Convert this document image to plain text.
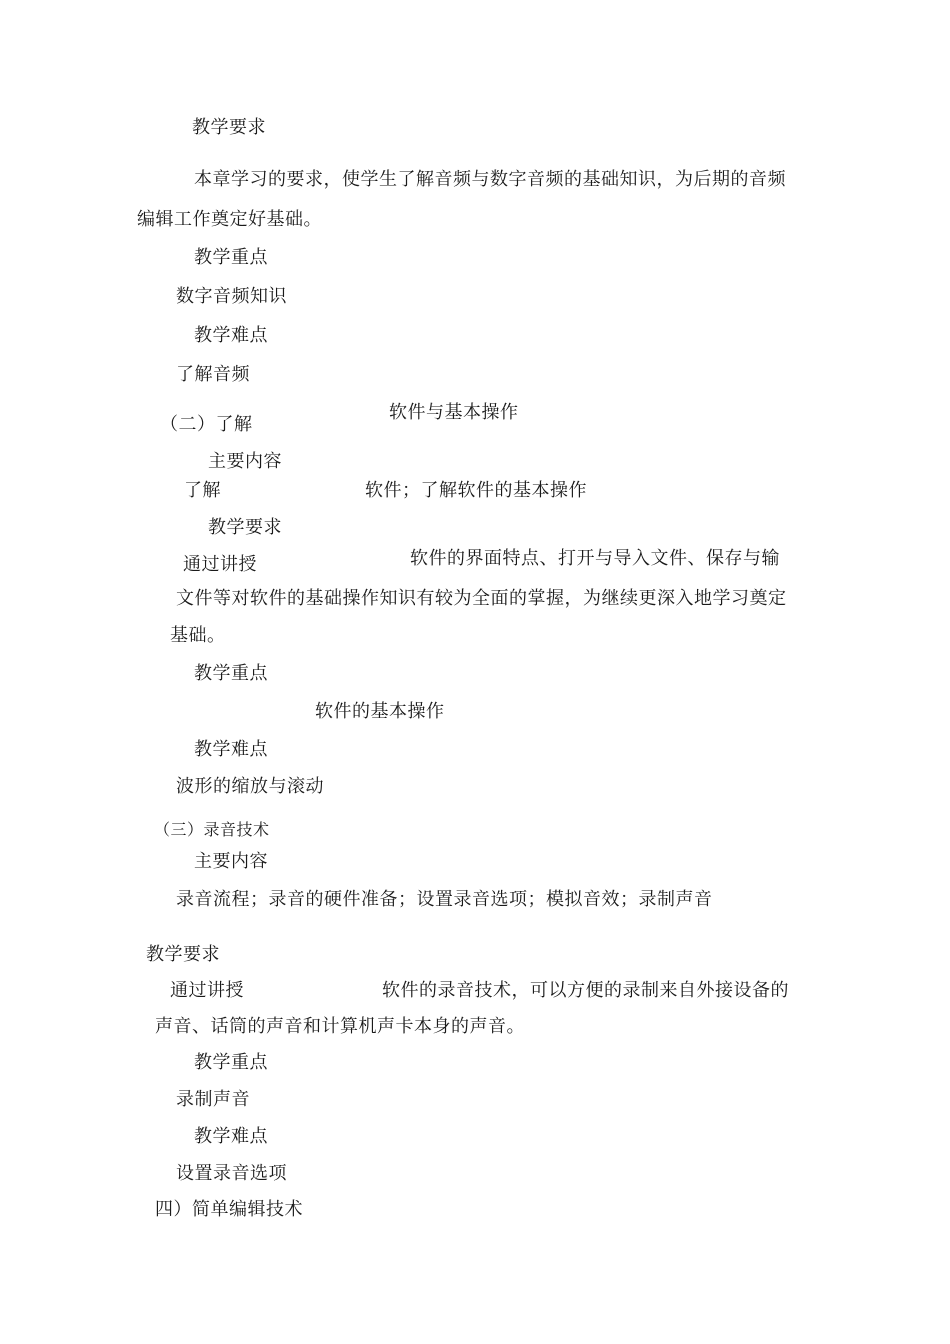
教学要求
本章学习的要求，使学生了解音频与数字音频的基础知识，为后期的音频
编辑工作奠定好基础。
教学重点
数字音频知识
教学难点
了解音频
（二）了解
软件与基本操作
主要内容
了解	软件；了解软件的基本操作
教学要求
通过讲授	软件的界面特点、打开与导入文件、保存与输
文件等对软件的基础操作知识有较为全面的掌握，为继续更深入地学习奠定
基础。
教学重点
软件的基本操作
教学难点
波形的缩放与滚动
（三）录音技术
主要内容
录音流程；录音的硬件准备；设置录音选项；模拟音效；录制声音
教学要求
通过讲授	软件的录音技术，可以方便的录制来自外接设备的
声音、话筒的声音和计算机声卡本身的声音。
教学重点
录制声音
教学难点
设置录音选项
四）简单编辑技术
